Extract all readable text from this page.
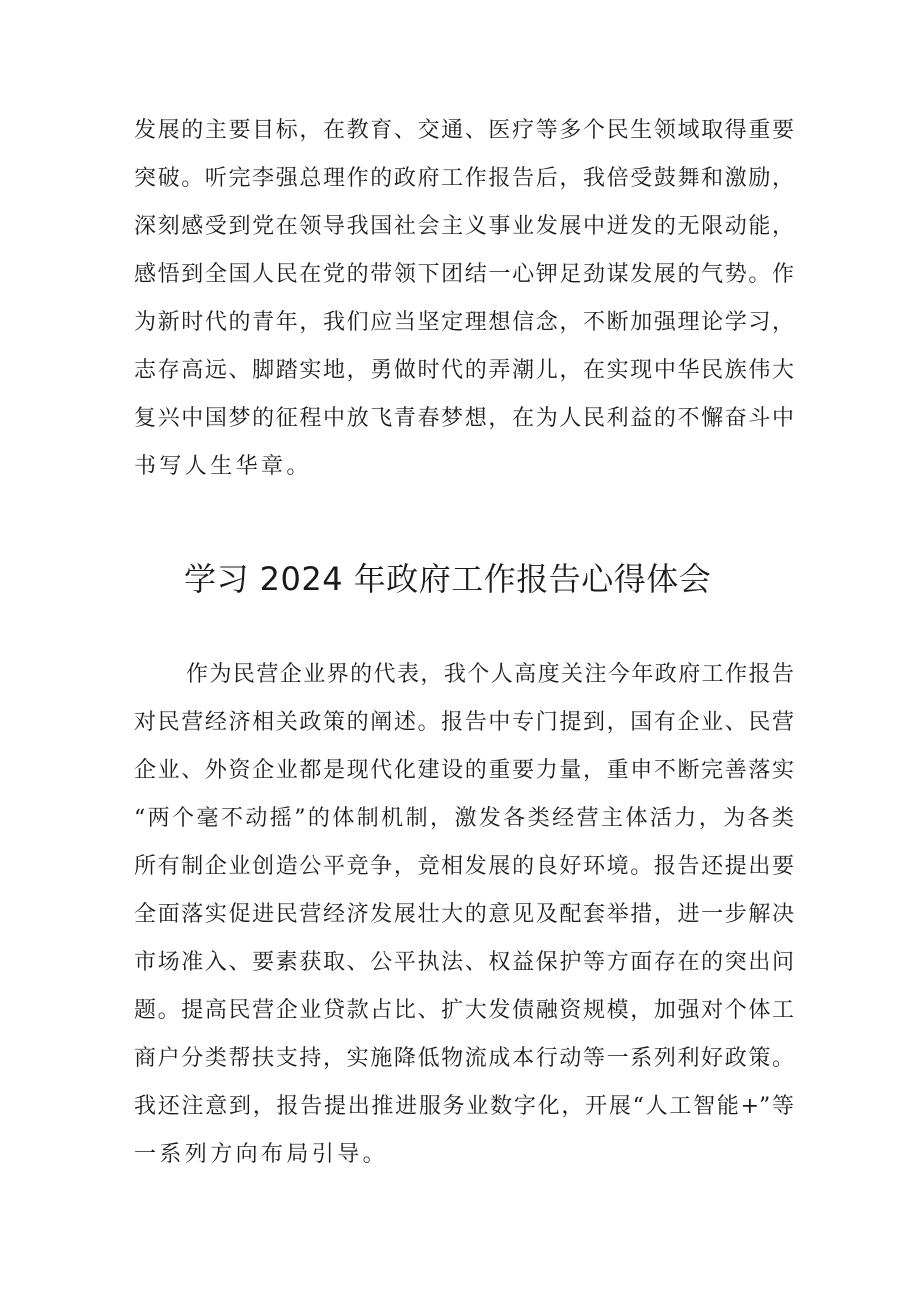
发展的主要目标，在教育、交通、医疗等多个民生领域取得重要
突破。听完李强总理作的政府工作报告后，我倍受鼓舞和激励，
深刻感受到党在领导我国社会主义事业发展中迸发的无限动能，
感悟到全国人民在党的带领下团结一心钾足劲谋发展的气势。作
为新时代的青年，我们应当坚定理想信念，不断加强理论学习，
志存高远、脚踏实地，勇做时代的弄潮儿，在实现中华民族伟大
复兴中国梦的征程中放飞青春梦想，在为人民利益的不懈奋斗中
书写人生华章。
学习 2024 年政府工作报告心得体会
作为民营企业界的代表，我个人高度关注今年政府工作报告
对民营经济相关政策的阐述。报告中专门提到，国有企业、民营
企业、外资企业都是现代化建设的重要力量，重申不断完善落实
“两个毫不动摇”的体制机制，激发各类经营主体活力，为各类
所有制企业创造公平竞争，竞相发展的良好环境。报告还提出要
全面落实促进民营经济发展壮大的意见及配套举措，进一步解决
市场准入、要素获取、公平执法、权益保护等方面存在的突出问
题。提高民营企业贷款占比、扩大发债融资规模，加强对个体工
商户分类帮扶支持，实施降低物流成本行动等一系列利好政策。
我还注意到，报告提出推进服务业数字化，开展“人工智能+”等
一系列方向布局引导。
